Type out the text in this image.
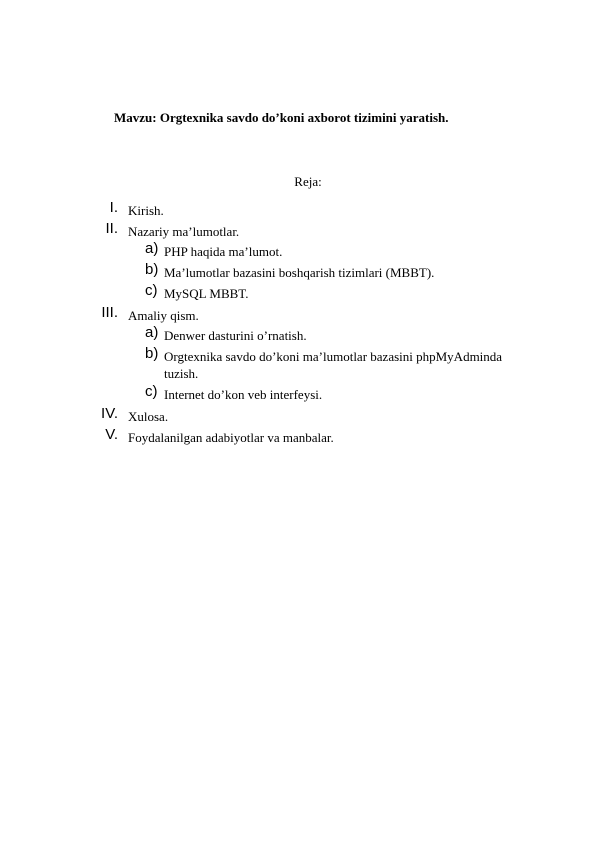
Mavzu: Orgtexnika savdo do’koni axborot tizimini yaratish.
Reja:
I. Kirish.
II. Nazariy ma’lumotlar.
a) PHP haqida ma’lumot.
b) Ma’lumotlar bazasini boshqarish tizimlari (MBBT).
c) MySQL MBBT.
III. Amaliy qism.
a) Denwer dasturini o’rnatish.
b) Orgtexnika savdo do’koni ma’lumotlar bazasini phpMyAdminda
tuzish.
c) Internet do’kon veb interfeysi.
IV. Xulosa.
V. Foydalanilgan adabiyotlar va manbalar.
